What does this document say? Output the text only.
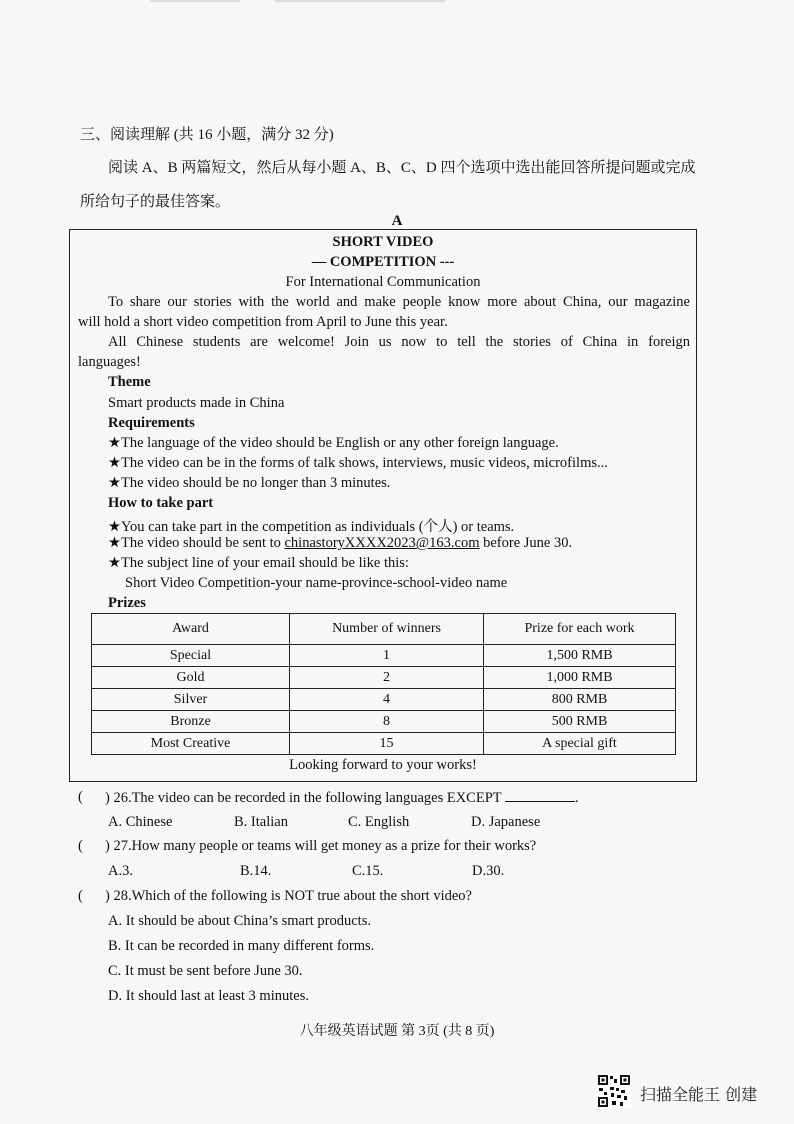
三、阅读理解 (共 16 小题，满分 32 分)
阅读 A、B 两篇短文，然后从每小题 A、B、C、D 四个选项中选出能回答所提问题或完成
所给句子的最佳答案。
A
SHORT VIDEO
— COMPETITION ---
For International Communication
To share our stories with the world and make people know more about China, our magazine
will hold a short video competition from April to June this year.
All Chinese students are welcome! Join us now to tell the stories of China in foreign
languages!
Theme
Smart products made in China
Requirements
★The language of the video should be English or any other foreign language.
★The video can be in the forms of talk shows, interviews, music videos, microfilms...
★The video should be no longer than 3 minutes.
How to take part
★You can take part in the competition as individuals (个人) or teams.
★The video should be sent to chinastoryXXXX2023@163.com before June 30.
★The subject line of your email should be like this:
Short Video Competition-your name-province-school-video name
Prizes
Award	Number of winners	Prize for each work
Special	1	1,500 RMB
Gold	2	1,000 RMB
Silver	4	800 RMB
Bronze	8	500 RMB
Most Creative	15	A special gift
Looking forward to your works!
( ) 26.The video can be recorded in the following languages EXCEPT	.
A. Chinese	B. Italian	C. English	D. Japanese
( ) 27.How many people or teams will get money as a prize for their works?
A.3.	B.14.	C.15.	D.30.
( ) 28.Which of the following is NOT true about the short video?
A. It should be about China’s smart products.
B. It can be recorded in many different forms.
C. It must be sent before June 30.
D. It should last at least 3 minutes.
八年级英语试题 第 3页 (共 8 页)
扫描全能王 创建
